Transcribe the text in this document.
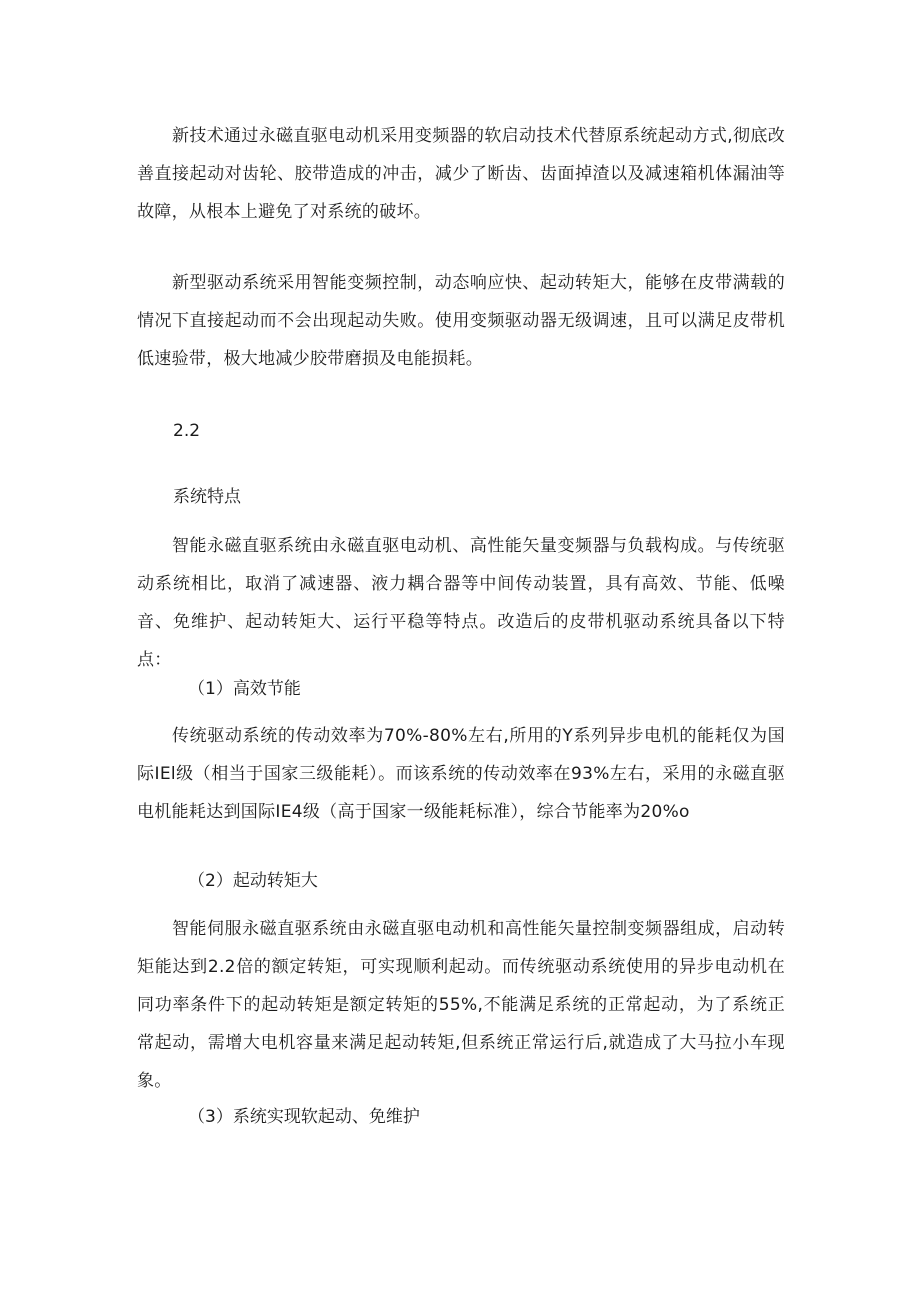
新技术通过永磁直驱电动机采用变频器的软启动技术代替原系统起动方式,彻底改善直接起动对齿轮、胶带造成的冲击，减少了断齿、齿面掉渣以及减速箱机体漏油等故障，从根本上避免了对系统的破坏。

新型驱动系统采用智能变频控制，动态响应快、起动转矩大，能够在皮带满载的情况下直接起动而不会出现起动失败。使用变频驱动器无级调速，且可以满足皮带机低速验带，极大地减少胶带磨损及电能损耗。

2.2

系统特点

智能永磁直驱系统由永磁直驱电动机、高性能矢量变频器与负载构成。与传统驱动系统相比，取消了减速器、液力耦合器等中间传动装置，具有高效、节能、低噪音、免维护、起动转矩大、运行平稳等特点。改造后的皮带机驱动系统具备以下特点：

（1）高效节能

传统驱动系统的传动效率为70%-80%左右,所用的Y系列异步电机的能耗仅为国际IEl级（相当于国家三级能耗）。而该系统的传动效率在93%左右，采用的永磁直驱电机能耗达到国际IE4级（高于国家一级能耗标准），综合节能率为20%o

（2）起动转矩大

智能伺服永磁直驱系统由永磁直驱电动机和高性能矢量控制变频器组成，启动转矩能达到2.2倍的额定转矩，可实现顺利起动。而传统驱动系统使用的异步电动机在同功率条件下的起动转矩是额定转矩的55%,不能满足系统的正常起动，为了系统正常起动，需增大电机容量来满足起动转矩,但系统正常运行后,就造成了大马拉小车现象。

（3）系统实现软起动、免维护
